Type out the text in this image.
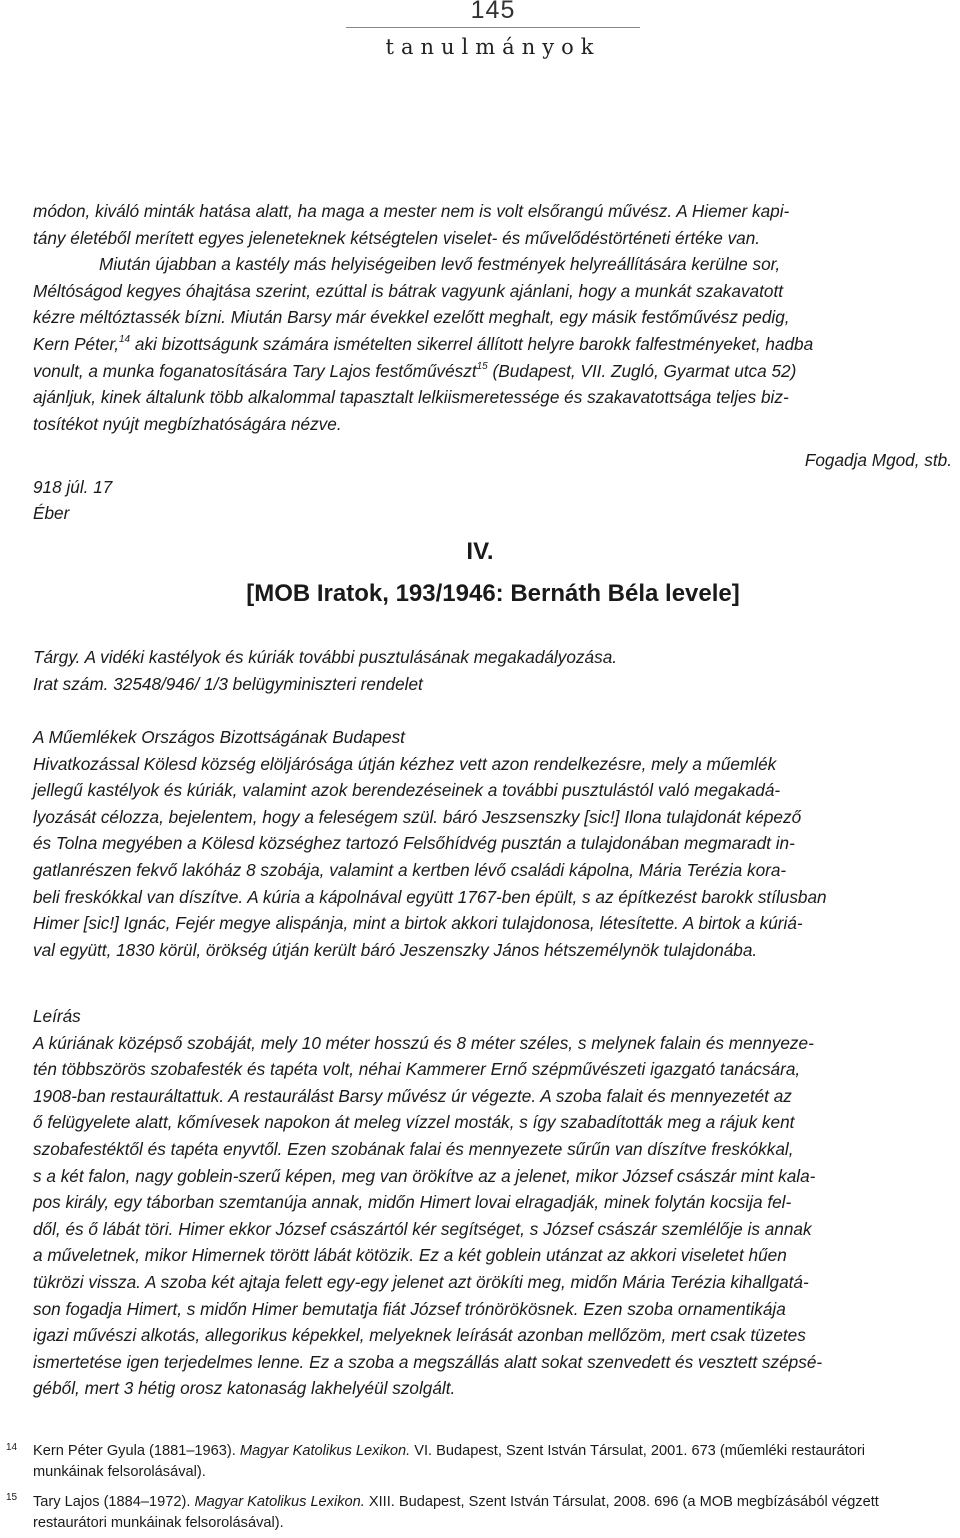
145
tanulmányok
módon, kiváló minták hatása alatt, ha maga a mester nem is volt elsőrangú művész. A Hiemer kapi-
tány életéből merített egyes jeleneteknek kétségtelen viselet- és művelődéstörténeti értéke van.
Miután újabban a kastély más helyiségeiben levő festmények helyreállítására kerülne sor,
Méltóságod kegyes óhajtása szerint, ezúttal is bátrak vagyunk ajánlani, hogy a munkát szakavatott
kézre méltóztassék bízni. Miután Barsy már évekkel ezelőtt meghalt, egy másik festőművész pedig,
Kern Péter,$^{14}$ aki bizottságunk számára ismételten sikerrel állított helyre barokk falfestményeket, hadba
vonult, a munka foganatosítására Tary Lajos festőművészt$^{15}$ (Budapest, VII. Zugló, Gyarmat utca 52)
ajánljuk, kinek általunk több alkalommal tapasztalt lelkiismeretessége és szakavatottsága teljes biz-
tosítékot nyújt megbízhatóságára nézve.
Fogadja Mgod, stb.
918 júl. 17
Éber
IV.
[MOB Iratok, 193/1946: Bernáth Béla levele]
Tárgy. A vidéki kastélyok és kúriák további pusztulásának megakadályozása.
Irat szám. 32548/946/ 1/3 belügyminiszteri rendelet
A Műemlékek Országos Bizottságának Budapest
Hivatkozással Kölesd község elöljárósága útján kézhez vett azon rendelkezésre, mely a műemlék
jellegű kastélyok és kúriák, valamint azok berendezéseinek a további pusztulástól való megakadá-
lyozását célozza, bejelentem, hogy a feleségem szül. báró Jeszsenszky [sic!] Ilona tulajdonát képező
és Tolna megyében a Kölesd községhez tartozó Felsőhídvég pusztán a tulajdonában megmaradt in-
gatlanrészen fekvő lakóház 8 szobája, valamint a kertben lévő családi kápolna, Mária Terézia kora-
beli freskókkal van díszítve. A kúria a kápolnával együtt 1767-ben épült, s az építkezést barokk stílusban
Himer [sic!] Ignác, Fejér megye alispánja, mint a birtok akkori tulajdonosa, létesítette. A birtok a kúriá-
val együtt, 1830 körül, örökség útján került báró Jeszenszky János hétszemélynök tulajdonába.
Leírás
A kúriának középső szobáját, mely 10 méter hosszú és 8 méter széles, s melynek falain és mennyeze-
tén többszörös szobafesték és tapéta volt, néhai Kammerer Ernő szépművészeti igazgató tanácsára,
1908-ban restauráltattuk. A restaurálást Barsy művész úr végezte. A szoba falait és mennyezetét az
ő felügyelete alatt, kőmívesek napokon át meleg vízzel mosták, s így szabadították meg a rájuk kent
szobafestéktől és tapéta enyvtől. Ezen szobának falai és mennyezete sűrűn van díszítve freskókkal,
s a két falon, nagy goblein-szerű képen, meg van örökítve az a jelenet, mikor József császár mint kala-
pos király, egy táborban szemtanúja annak, midőn Himert lovai elragadják, minek folytán kocsija fel-
dől, és ő lábát töri. Himer ekkor József császártól kér segítséget, s József császár szemlélője is annak
a műveletnek, mikor Himernek törött lábát kötözik. Ez a két goblein utánzat az akkori viseletet hűen
tükrözi vissza. A szoba két ajtaja felett egy-egy jelenet azt örökíti meg, midőn Mária Terézia kihallgatá-
son fogadja Himert, s midőn Himer bemutatja fiát József trónörökösnek. Ezen szoba ornamentikája
igazi művészi alkotás, allegorikus képekkel, melyeknek leírását azonban mellőzöm, mert csak tüzetes
ismertetése igen terjedelmes lenne. Ez a szoba a megszállás alatt sokat szenvedett és vesztett szépsé-
géből, mert 3 hétig orosz katonaság lakhelyéül szolgált.
14 Kern Péter Gyula (1881–1963). Magyar Katolikus Lexikon. VI. Budapest, Szent István Társulat, 2001. 673 (műemléki restaurátori
munkáinak felsorolásával).
15 Tary Lajos (1884–1972). Magyar Katolikus Lexikon. XIII. Budapest, Szent István Társulat, 2008. 696 (a MOB megbízásából végzett
restaurátori munkáinak felsorolásával).
